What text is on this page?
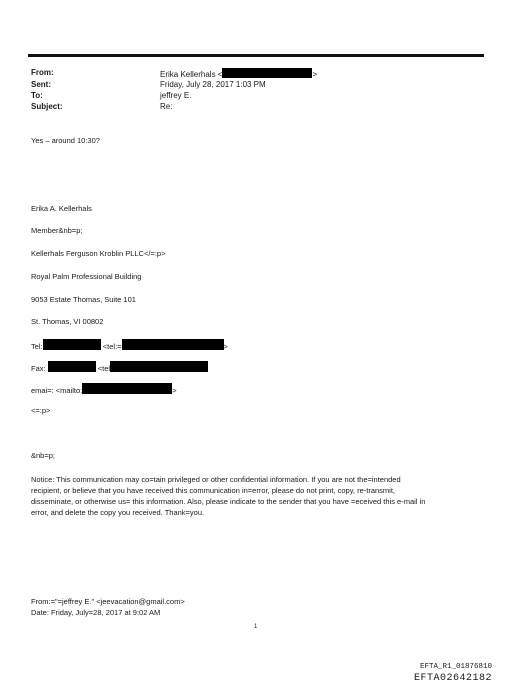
From:	Erika Kellerhals <	>
Sent:	Friday, July 28, 2017 1:03 PM
To:	jeffrey E.
Subject:	Re:
Yes – around 10:30?
Erika A. Kellerhals
Member&nb=p;
Kellerhals Ferguson Kroblin PLLC</=:p>
Royal Palm Professional Building
9053 Estate Thomas, Suite 101
St. Thomas, VI 00802
Tel:	<tel:=	>
Fax:	<tel
emai=: <mailto:	>
<=:p>
&nb=p;
Notice: This communication may co=tain privileged or other confidential information. If you are not the=intended
recipient, or believe that you have received this communication in=error, please do not print, copy, re-transmit,
disseminate, or otherwise us= this information. Also, please indicate to the sender that you have =eceived this e-mail in
error, and delete the copy you received. Thank=you.
From:="=jeffrey E." <jeevacation@gmail.com>
Date: Friday, July=28, 2017 at 9:02 AM
1
EFTA_R1_01876810
EFTA02642182
